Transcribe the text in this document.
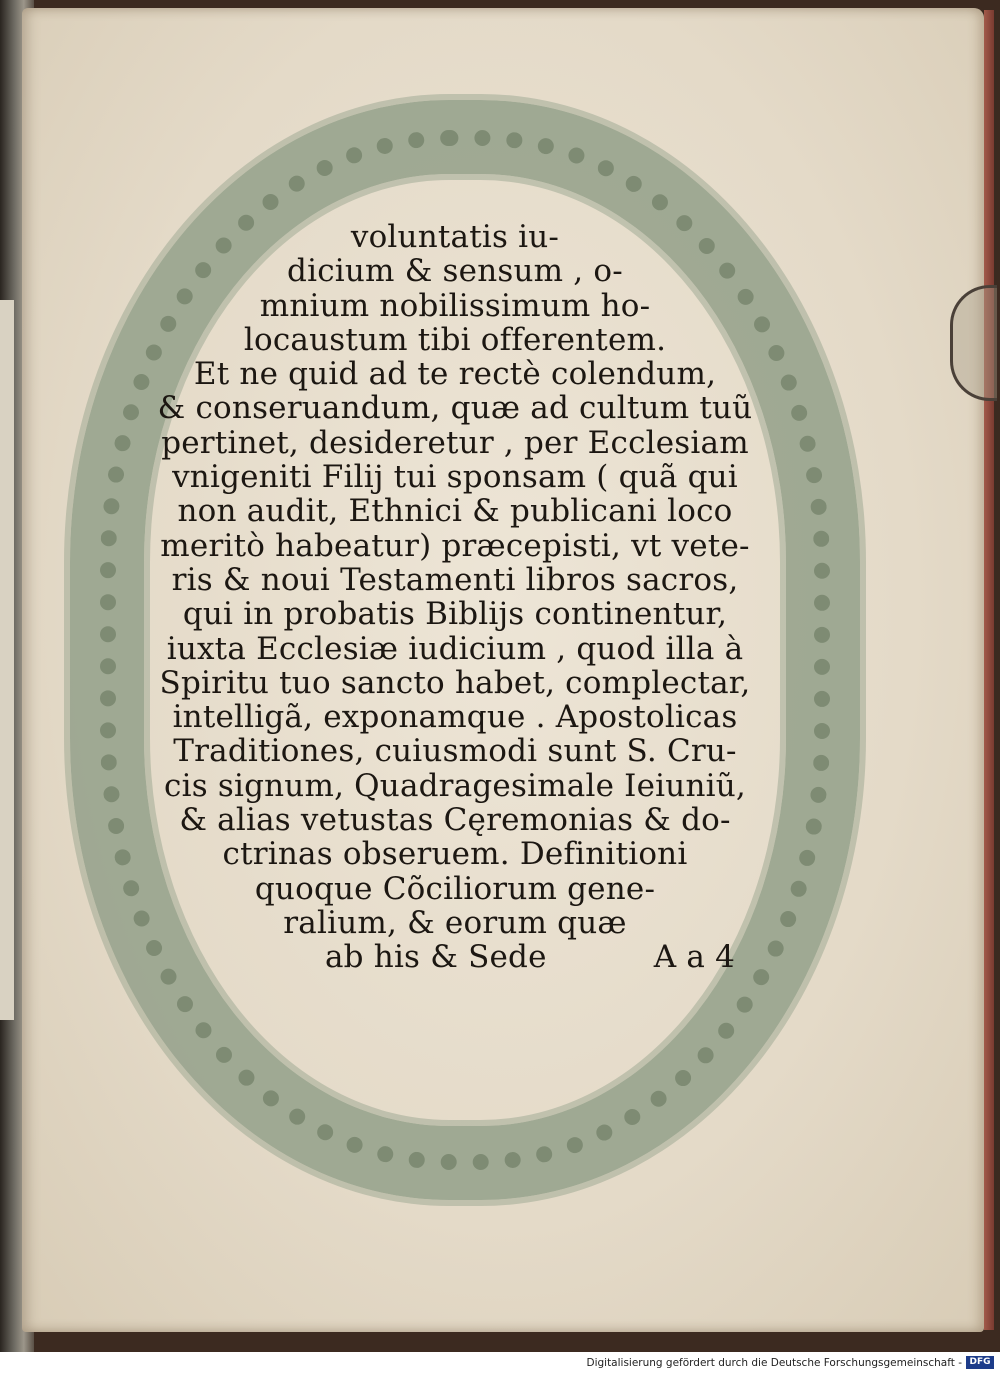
voluntatis iu-
dicium & sensum , o-
mnium nobilissimum ho-
locaustum tibi offerentem.
Et ne quid ad te rectè colendum,
& conseruandum, quæ ad cultum tuũ
pertinet, desideretur , per Ecclesiam
vnigeniti Filij tui sponsam ( quã qui
non audit, Ethnici & publicani loco
meritò habeatur) præcepisti, vt vete-
ris & noui Testamenti libros sacros,
qui in probatis Biblijs continentur,
iuxta Ecclesiæ iudicium , quod illa à
Spiritu tuo sancto habet, complectar,
intelligã, exponamque . Apostolicas
Traditiones, cuiusmodi sunt S. Cru-
cis signum, Quadragesimale Ieiuniũ,
& alias vetustas Cęremonias & do-
ctrinas obseruem. Definitioni
quoque Cõciliorum gene-
ralium, & eorum quæ
ab his & Sede	A a 4
Digitalisierung gefördert durch die Deutsche Forschungsgemeinschaft - DFG
